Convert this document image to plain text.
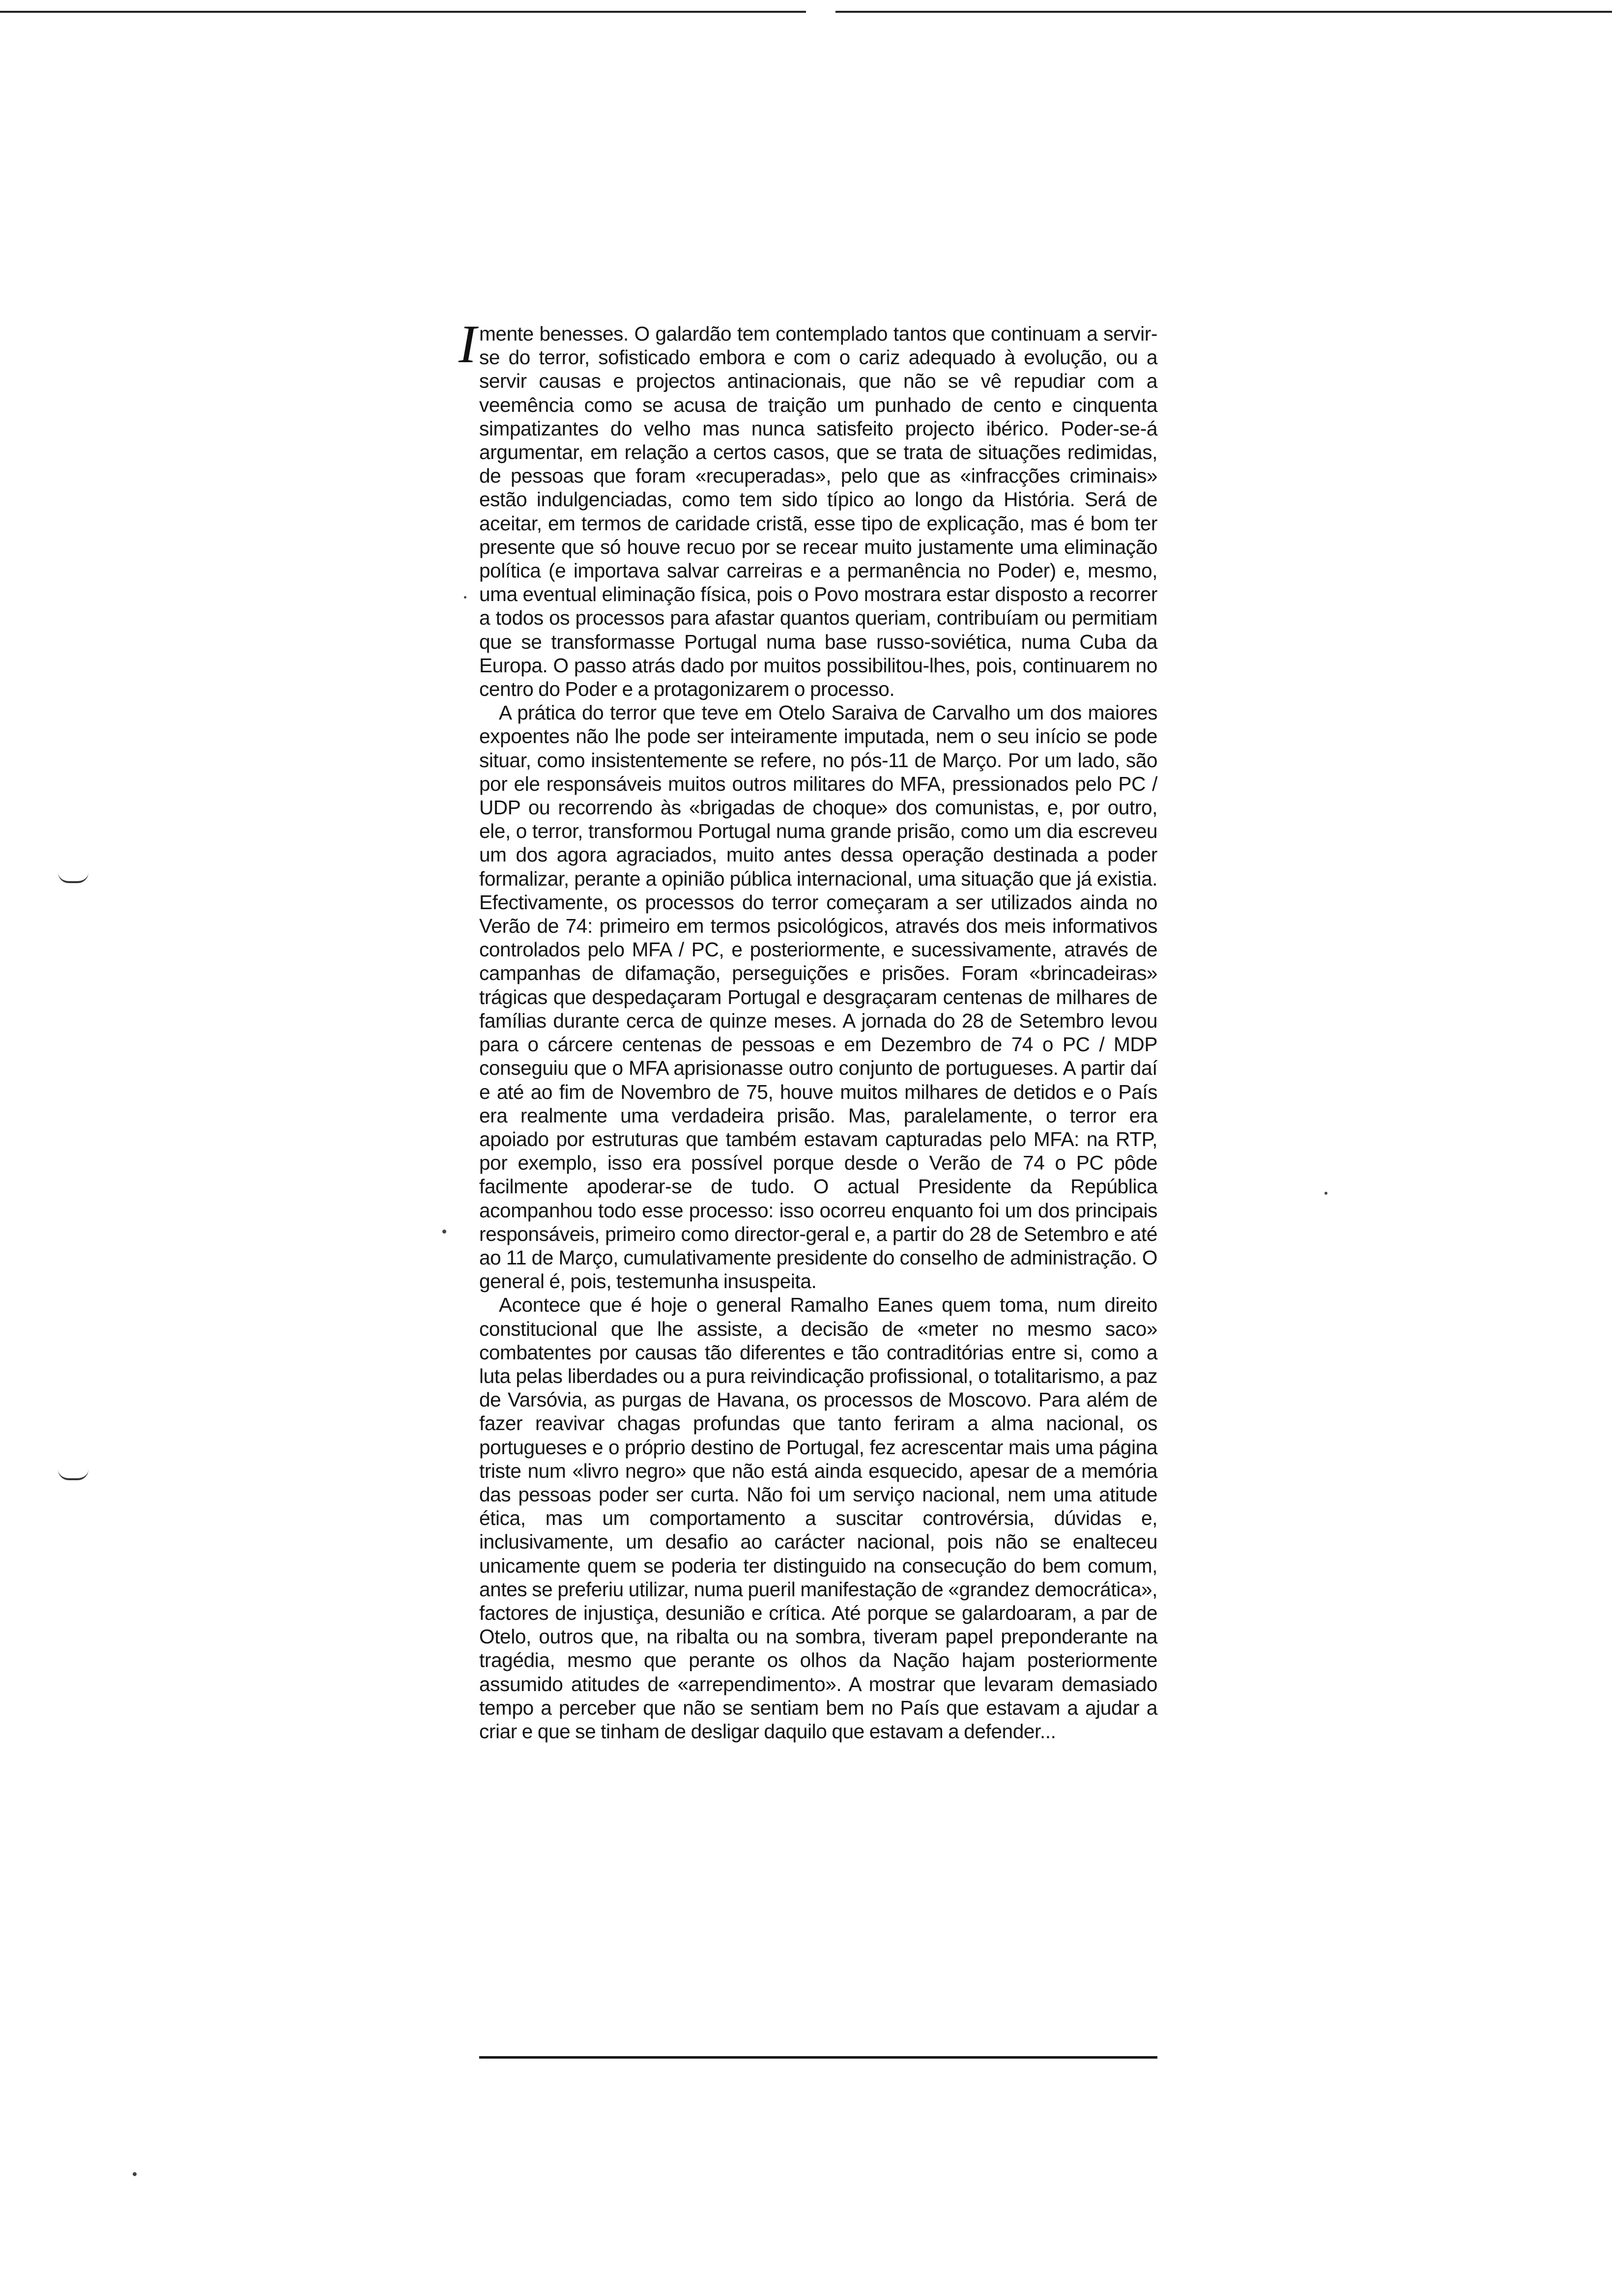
I mente benesses. O galardão tem contemplado tantos que continuam a servir-se do terror, sofisticado embora e com o cariz adequado à evolução, ou a servir causas e projectos antinacionais, que não se vê repudiar com a veemência como se acusa de traição um punhado de cento e cinquenta simpatizantes do velho mas nunca satisfeito projecto ibérico. Poder-se-á argumentar, em relação a certos casos, que se trata de situações redimidas, de pessoas que foram «recuperadas», pelo que as «infracções criminais» estão indulgenciadas, como tem sido típico ao longo da História. Será de aceitar, em termos de caridade cristã, esse tipo de explicação, mas é bom ter presente que só houve recuo por se recear muito justamente uma eliminação política (e importava salvar carreiras e a permanência no Poder) e, mesmo, uma eventual eliminação física, pois o Povo mostrara estar disposto a recorrer a todos os processos para afastar quantos queriam, contribuíam ou permitiam que se transformasse Portugal numa base russo-soviética, numa Cuba da Europa. O passo atrás dado por muitos possibilitou-lhes, pois, continuarem no centro do Poder e a protagonizarem o processo.

A prática do terror que teve em Otelo Saraiva de Carvalho um dos maiores expoentes não lhe pode ser inteiramente imputada, nem o seu início se pode situar, como insistentemente se refere, no pós-11 de Março. Por um lado, são por ele responsáveis muitos outros militares do MFA, pressionados pelo PC / UDP ou recorrendo às «brigadas de choque» dos comunistas, e, por outro, ele, o terror, transformou Portugal numa grande prisão, como um dia escreveu um dos agora agraciados, muito antes dessa operação destinada a poder formalizar, perante a opinião pública internacional, uma situação que já existia. Efectivamente, os processos do terror começaram a ser utilizados ainda no Verão de 74: primeiro em termos psicológicos, através dos meis informativos controlados pelo MFA / PC, e posteriormente, e sucessivamente, através de campanhas de difamação, perseguições e prisões. Foram «brincadeiras» trágicas que despedaçaram Portugal e desgraçaram centenas de milhares de famílias durante cerca de quinze meses. A jornada do 28 de Setembro levou para o cárcere centenas de pessoas e em Dezembro de 74 o PC / MDP conseguiu que o MFA aprisionasse outro conjunto de portugueses. A partir daí e até ao fim de Novembro de 75, houve muitos milhares de detidos e o País era realmente uma verdadeira prisão. Mas, paralelamente, o terror era apoiado por estruturas que também estavam capturadas pelo MFA: na RTP, por exemplo, isso era possível porque desde o Verão de 74 o PC pôde facilmente apoderar-se de tudo. O actual Presidente da República acompanhou todo esse processo: isso ocorreu enquanto foi um dos principais responsáveis, primeiro como director-geral e, a partir do 28 de Setembro e até ao 11 de Março, cumulativamente presidente do conselho de administração. O general é, pois, testemunha insuspeita.

Acontece que é hoje o general Ramalho Eanes quem toma, num direito constitucional que lhe assiste, a decisão de «meter no mesmo saco» combatentes por causas tão diferentes e tão contraditórias entre si, como a luta pelas liberdades ou a pura reivindicação profissional, o totalitarismo, a paz de Varsóvia, as purgas de Havana, os processos de Moscovo. Para além de fazer reavivar chagas profundas que tanto feriram a alma nacional, os portugueses e o próprio destino de Portugal, fez acrescentar mais uma página triste num «livro negro» que não está ainda esquecido, apesar de a memória das pessoas poder ser curta. Não foi um serviço nacional, nem uma atitude ética, mas um comportamento a suscitar controvérsia, dúvidas e, inclusivamente, um desafio ao carácter nacional, pois não se enalteceu unicamente quem se poderia ter distinguido na consecução do bem comum, antes se preferiu utilizar, numa pueril manifestação de «grandez democrática», factores de injustiça, desunião e crítica. Até porque se galardoaram, a par de Otelo, outros que, na ribalta ou na sombra, tiveram papel preponderante na tragédia, mesmo que perante os olhos da Nação hajam posteriormente assumido atitudes de «arrependimento». A mostrar que levaram demasiado tempo a perceber que não se sentiam bem no País que estavam a ajudar a criar e que se tinham de desligar daquilo que estavam a defender...
